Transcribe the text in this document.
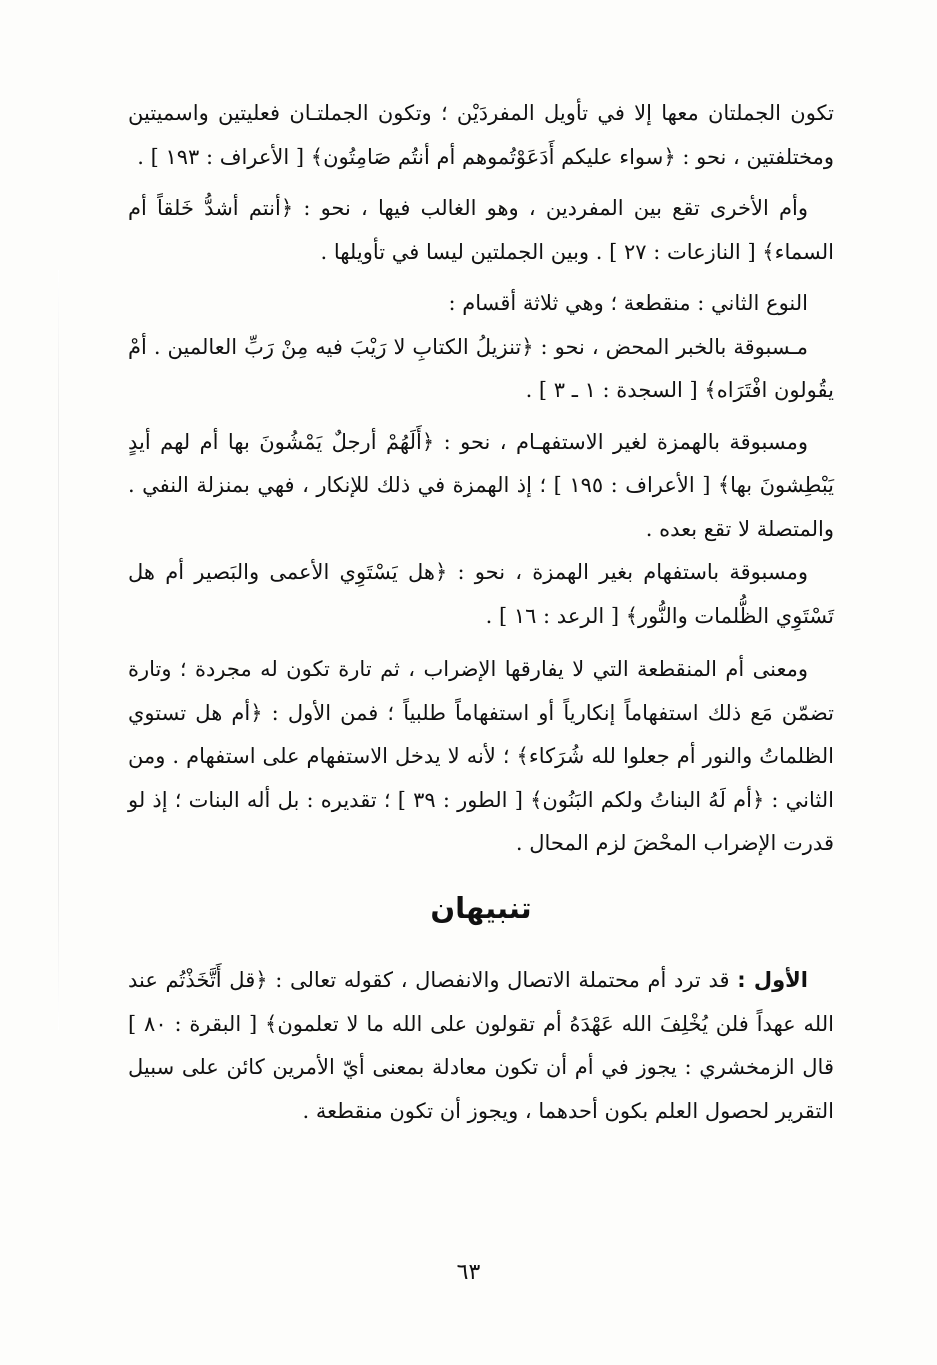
تكون الجملتان معها إلا في تأويل المفردَيْن ؛ وتكون الجملتـان فعليتين واسميتين ومختلفتين ، نحو : ﴿سواء عليكم أَدَعَوْتُموهم أم أنتُم صَامِتُون﴾ [ الأعراف : ١٩٣ ] .

وأم الأخرى تقع بين المفردين ، وهو الغالب فيها ، نحو : ﴿أنتم أشدُّ خَلقاً أم السماء﴾ [ النازعات : ٢٧ ] . وبين الجملتين ليسا في تأويلها .

النوع الثاني : منقطعة ؛ وهي ثلاثة أقسام :

مـسبوقة بالخبر المحض ، نحو : ﴿تنزيلُ الكتابِ لا رَيْبَ فيه مِنْ رَبِّ العالمين . أمْ يقُولون افْتَرَاه﴾ [ السجدة : ١ ـ ٣ ] .

ومسبوقة بالهمزة لغير الاستفهـام ، نحو : ﴿أَلَهُمْ أرجلٌ يَمْشُونَ بها أم لهم أيدٍ يَبْطِشونَ بها﴾ [ الأعراف : ١٩٥ ] ؛ إذ الهمزة في ذلك للإنكار ، فهي بمنزلة النفي . والمتصلة لا تقع بعده .

ومسبوقة باستفهام بغير الهمزة ، نحو : ﴿هل يَسْتَوِي الأعمى والبَصير أم هل تَسْتَوِي الظُّلمات والنُّور﴾ [ الرعد : ١٦ ] .

ومعنى أم المنقطعة التي لا يفارقها الإضراب ، ثم تارة تكون له مجردة ؛ وتارة تضمّن مَع ذلك استفهاماً إنكارياً أو استفهاماً طلبياً ؛ فمن الأول : ﴿أم هل تستوي الظلماتُ والنور أم جعلوا لله شُرَكاء﴾ ؛ لأنه لا يدخل الاستفهام على استفهام . ومن الثاني : ﴿أم لَهُ البناتُ ولكم البَنُون﴾ [ الطور : ٣٩ ] ؛ تقديره : بل أله البنات ؛ إذ لو قدرت الإضراب المحْضَ لزم المحال .

تنبيهان

الأول : قد ترد أم محتملة الاتصال والانفصال ، كقوله تعالى : ﴿قل أَتَّخَذْتُم عند الله عهداً فلن يُخْلِفَ الله عَهْدَهُ أم تقولون على الله ما لا تعلمون﴾ [ البقرة : ٨٠ ] قال الزمخشري : يجوز في أم أن تكون معادلة بمعنى أيّ الأمرين كائن على سبيل التقرير لحصول العلم بكون أحدهما ، ويجوز أن تكون منقطعة .

٦٣
